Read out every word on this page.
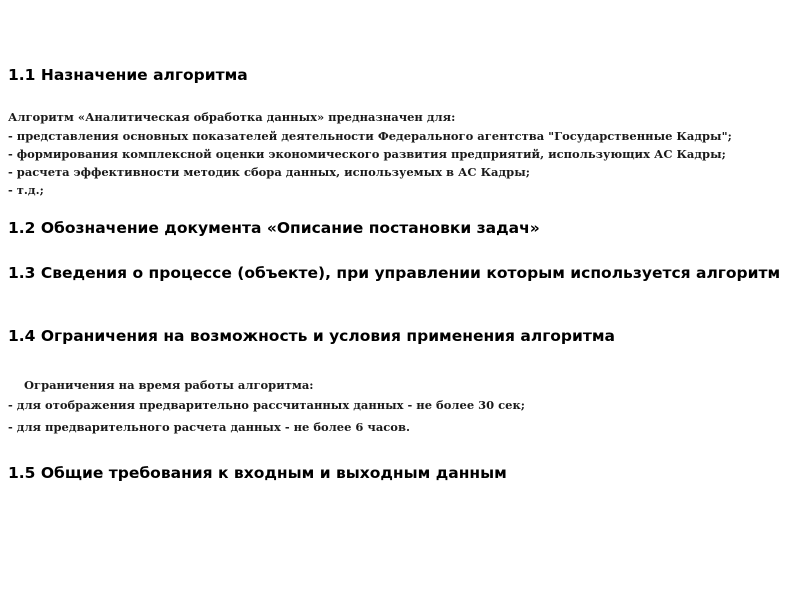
1.1 Назначение алгоритма

Алгоритм «Аналитическая обработка данных» предназначен для:

- представления основных показателей деятельности Федерального агентства "Государственные Кадры";

- формирования комплексной оценки экономического развития предприятий, использующих АС Кадры;

- расчета эффективности методик сбора данных, используемых в АС Кадры;

- т.д.;

1.2 Обозначение документа «Описание постановки задач»
1.3 Сведения о процессе (объекте), при управлении которым используется алгоритм
1.4 Ограничения на возможность и условия применения алгоритма

Ограничения на время работы алгоритма:

- для отображения предварительно рассчитанных данных - не более 30 сек;

- для предварительного расчета данных - не более 6 часов.

1.5 Общие требования к входным и выходным данным
